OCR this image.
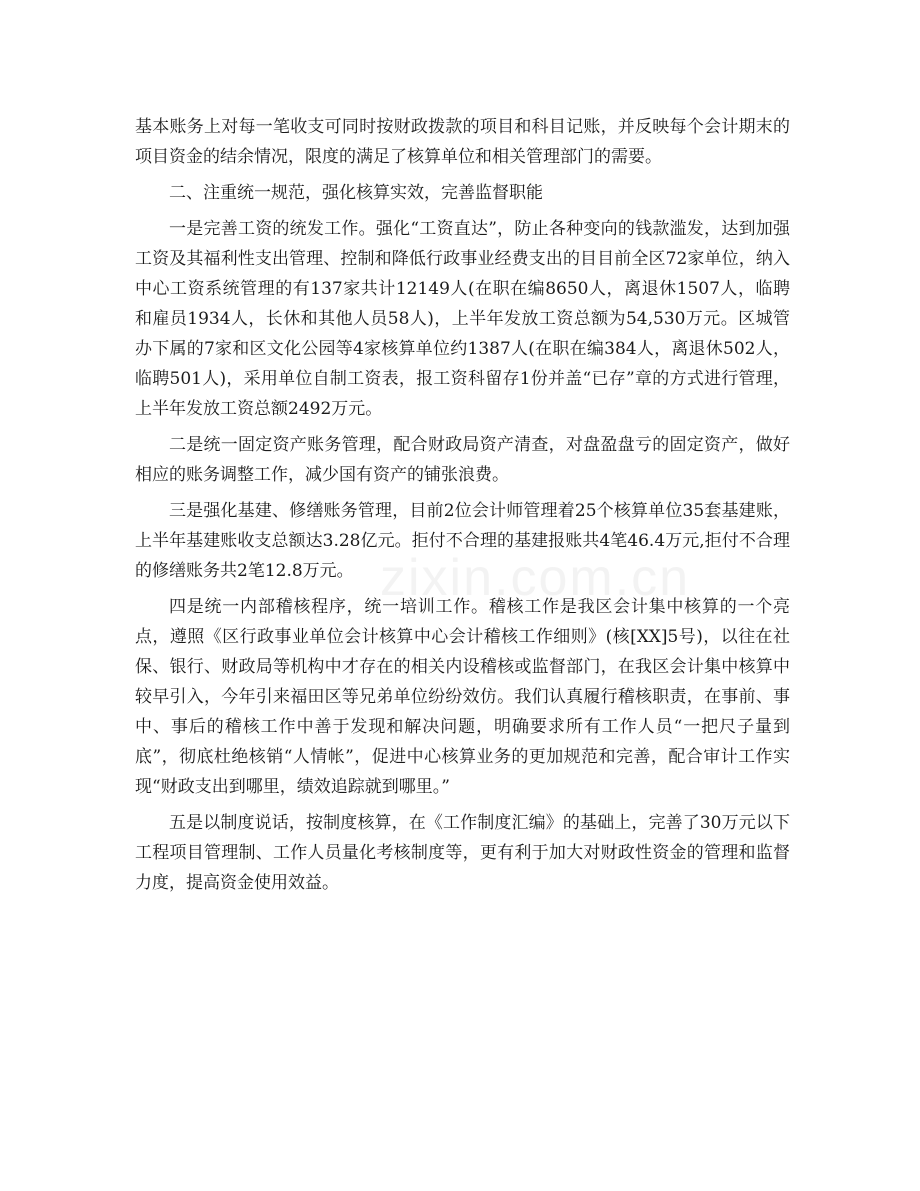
zixin.com.cn

基本账务上对每一笔收支可同时按财政拨款的项目和科目记账，并反映每个会计期末的项目资金的结余情况，限度的满足了核算单位和相关管理部门的需要。

二、注重统一规范，强化核算实效，完善监督职能

一是完善工资的统发工作。强化“工资直达”，防止各种变向的钱款滥发，达到加强工资及其福利性支出管理、控制和降低行政事业经费支出的目目前全区72家单位，纳入中心工资系统管理的有137家共计12149人(在职在编8650人，离退休1507人，临聘和雇员1934人，长休和其他人员58人)，上半年发放工资总额为54,530万元。区城管办下属的7家和区文化公园等4家核算单位约1387人(在职在编384人，离退休502人，临聘501人)，采用单位自制工资表，报工资科留存1份并盖“已存”章的方式进行管理，上半年发放工资总额2492万元。

二是统一固定资产账务管理，配合财政局资产清查，对盘盈盘亏的固定资产，做好相应的账务调整工作，减少国有资产的铺张浪费。

三是强化基建、修缮账务管理，目前2位会计师管理着25个核算单位35套基建账，上半年基建账收支总额达3.28亿元。拒付不合理的基建报账共4笔46.4万元,拒付不合理的修缮账务共2笔12.8万元。

四是统一内部稽核程序，统一培训工作。稽核工作是我区会计集中核算的一个亮点，遵照《区行政事业单位会计核算中心会计稽核工作细则》(核[XX]5号)，以往在社保、银行、财政局等机构中才存在的相关内设稽核或监督部门，在我区会计集中核算中较早引入，今年引来福田区等兄弟单位纷纷效仿。我们认真履行稽核职责，在事前、事中、事后的稽核工作中善于发现和解决问题，明确要求所有工作人员“一把尺子量到底”，彻底杜绝核销“人情帐”，促进中心核算业务的更加规范和完善，配合审计工作实现“财政支出到哪里，绩效追踪就到哪里。”

五是以制度说话，按制度核算，在《工作制度汇编》的基础上，完善了30万元以下工程项目管理制、工作人员量化考核制度等，更有利于加大对财政性资金的管理和监督力度，提高资金使用效益。
